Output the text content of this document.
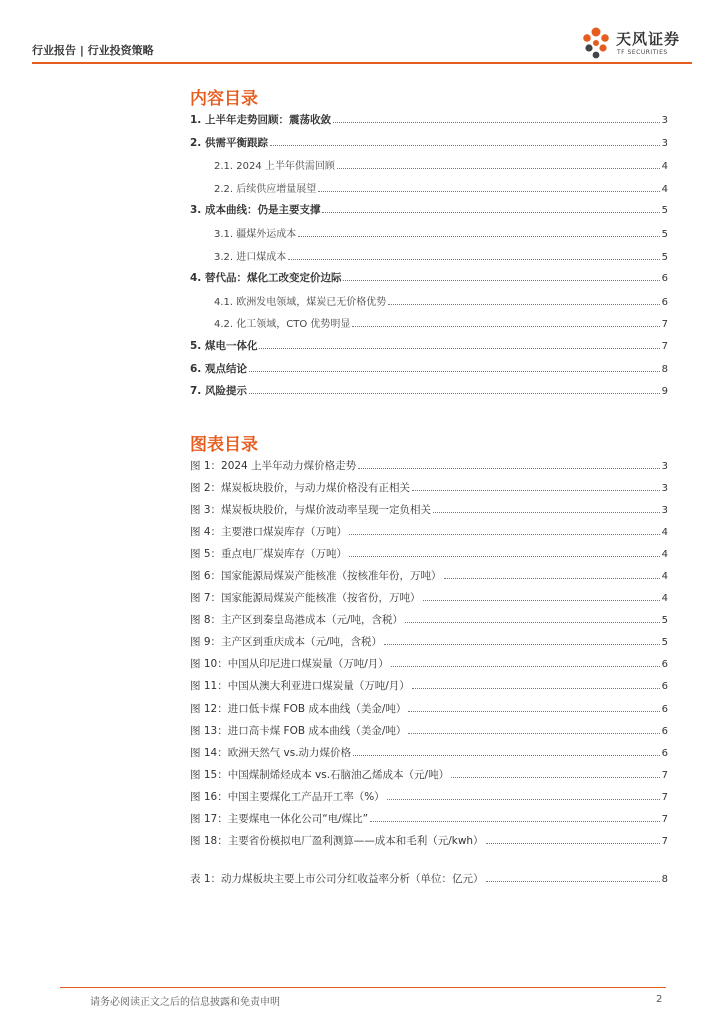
行业报告 | 行业投资策略
天风证券
TF SECURITIES
内容目录
1. 上半年走势回顾：震荡收敛	3
2. 供需平衡跟踪	3
2.1. 2024 上半年供需回顾	4
2.2. 后续供应增量展望	4
3. 成本曲线：仍是主要支撑	5
3.1. 疆煤外运成本	5
3.2. 进口煤成本	5
4. 替代品：煤化工改变定价边际	6
4.1. 欧洲发电领域，煤炭已无价格优势	6
4.2. 化工领域，CTO 优势明显	7
5. 煤电一体化	7
6. 观点结论	8
7. 风险提示	9
图表目录
图 1：2024 上半年动力煤价格走势	3
图 2：煤炭板块股价，与动力煤价格没有正相关	3
图 3：煤炭板块股价，与煤价波动率呈现一定负相关	3
图 4：主要港口煤炭库存（万吨）	4
图 5：重点电厂煤炭库存（万吨）	4
图 6：国家能源局煤炭产能核准（按核准年份，万吨）	4
图 7：国家能源局煤炭产能核准（按省份，万吨）	4
图 8：主产区到秦皇岛港成本（元/吨，含税）	5
图 9：主产区到重庆成本（元/吨，含税）	5
图 10：中国从印尼进口煤炭量（万吨/月）	6
图 11：中国从澳大利亚进口煤炭量（万吨/月）	6
图 12：进口低卡煤 FOB 成本曲线（美金/吨）	6
图 13：进口高卡煤 FOB 成本曲线（美金/吨）	6
图 14：欧洲天然气 vs.动力煤价格	6
图 15：中国煤制烯烃成本 vs.石脑油乙烯成本（元/吨）	7
图 16：中国主要煤化工产品开工率（%）	7
图 17：主要煤电一体化公司“电/煤比”	7
图 18：主要省份模拟电厂盈利测算——成本和毛利（元/kwh）	7
表 1：动力煤板块主要上市公司分红收益率分析（单位：亿元）	8
请务必阅读正文之后的信息披露和免责申明	2
